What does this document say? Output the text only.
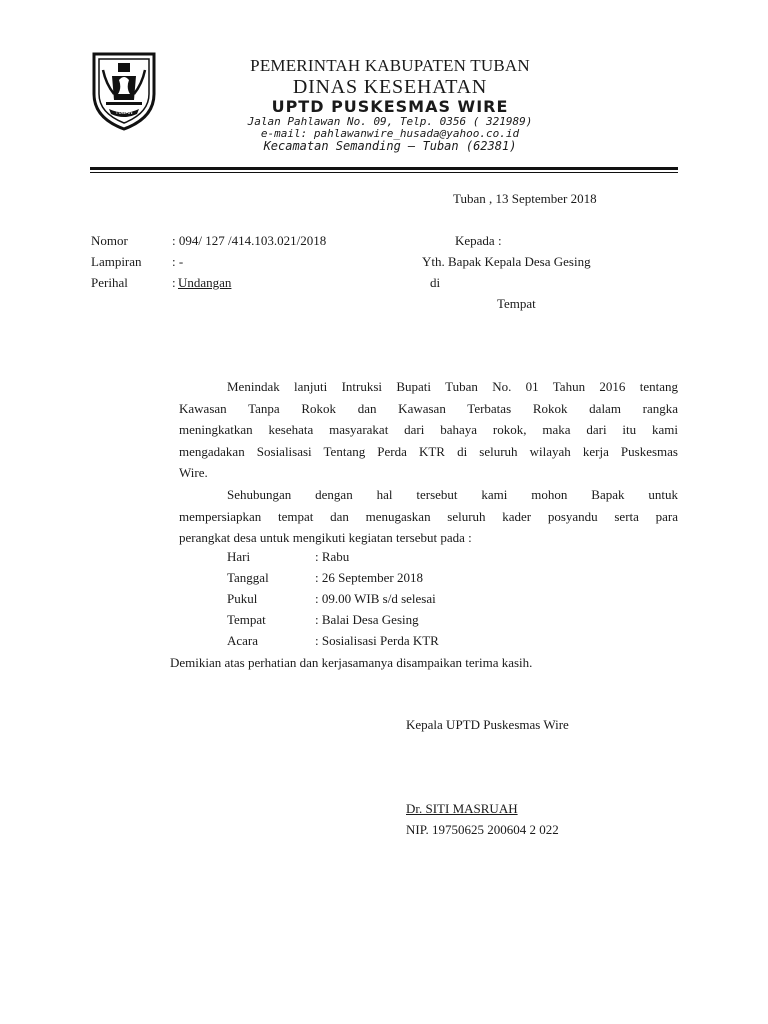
TUBAN
PEMERINTAH KABUPATEN TUBAN
DINAS KESEHATAN
UPTD PUSKESMAS WIRE
Jalan Pahlawan No. 09, Telp. 0356 ( 321989)
e-mail: pahlawanwire_husada@yahoo.co.id
Kecamatan Semanding – Tuban (62381)
Tuban , 13 September 2018
Nomor	: 094/ 127 /414.103.021/2018
Lampiran : -
Perihal	: Undangan
Kepada :
Yth. Bapak Kepala Desa Gesing
di
Tempat
Menindak lanjuti Intruksi Bupati Tuban No. 01 Tahun 2016 tentang
Kawasan Tanpa Rokok dan Kawasan Terbatas Rokok dalam rangka
meningkatkan kesehata masyarakat dari bahaya rokok, maka dari itu kami
mengadakan Sosialisasi Tentang Perda KTR di seluruh wilayah kerja Puskesmas
Wire.
Sehubungan dengan hal tersebut kami mohon Bapak untuk
mempersiapkan tempat dan menugaskan seluruh kader posyandu serta para
perangkat desa untuk mengikuti kegiatan tersebut pada :
Hari	: Rabu
Tanggal	: 26 September 2018
Pukul	: 09.00 WIB s/d selesai
Tempat	: Balai Desa Gesing
Acara	: Sosialisasi Perda KTR
Demikian atas perhatian dan kerjasamanya disampaikan terima kasih.
Kepala UPTD Puskesmas Wire
Dr. SITI MASRUAH
NIP. 19750625 200604 2 022
